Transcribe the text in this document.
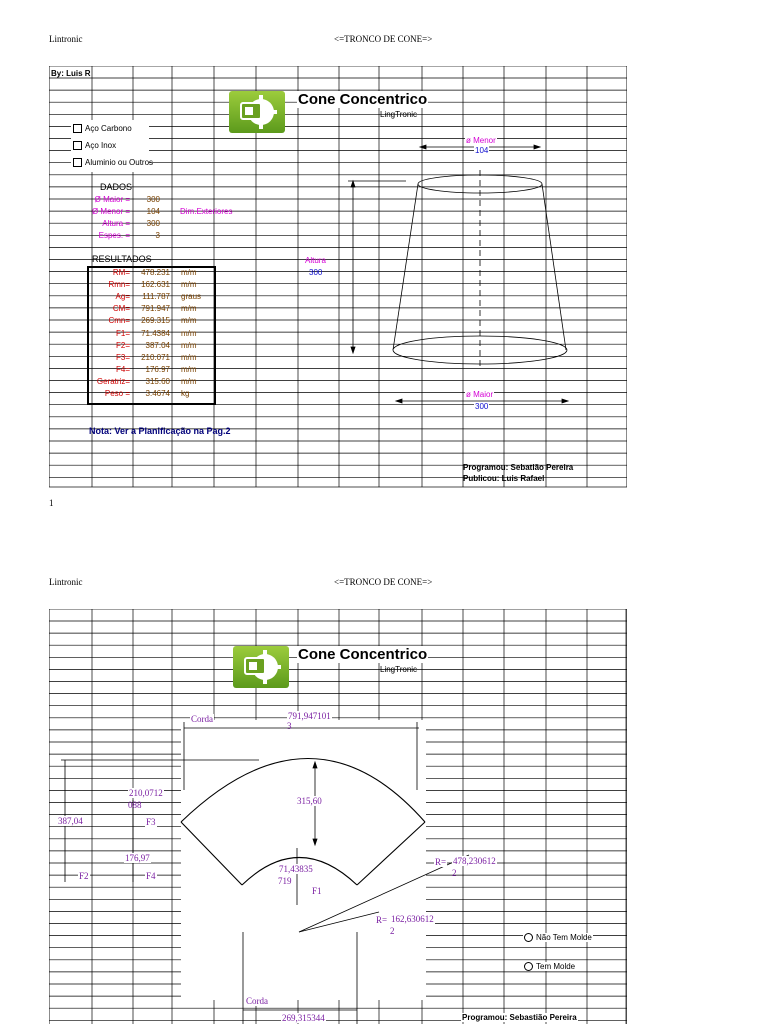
Lintronic	<=TRONCO DE CONE=>
By: Luis R
Cone Concentrico
LingTronic
Aço Carbono
Aço Inox
Aluminio ou Outros
DADOS
Ø Maior =	300
Ø Menor =	104	Dim.Exteriores
Altura =	300
Espes. =	3
RESULTADOS
RM=	478.231 m/m
Rmn=	162.631 m/m
Ag=	111.787 graus
CM=	791.947 m/m
Cmn=	269.315 m/m
F1=	71.4384 m/m
F2=	387.04 m/m
F3=	210.071 m/m
F4=	176.97 m/m
Geratriz=	315.60 m/m
Peso =	3.4674 kg
Altura
300
ø Menor
104
ø Maior
300
Nota: Ver a Planificação na Pag.2
Programou: Sebatião Pereira
Publicou: Luis Rafael
1
Lintronic	<=TRONCO DE CONE=>
Cone Concentrico
LingTronic
Corda	791,947101
3
210,0712
088
F3
315,60
387,04
176,97
F2	F4
71,43835
719
F1
R= 478,230612
2
R= 162,630612
2
Não Tem Molde
Tem Molde
Corda
269,315344	Programou: Sebastião Pereira
